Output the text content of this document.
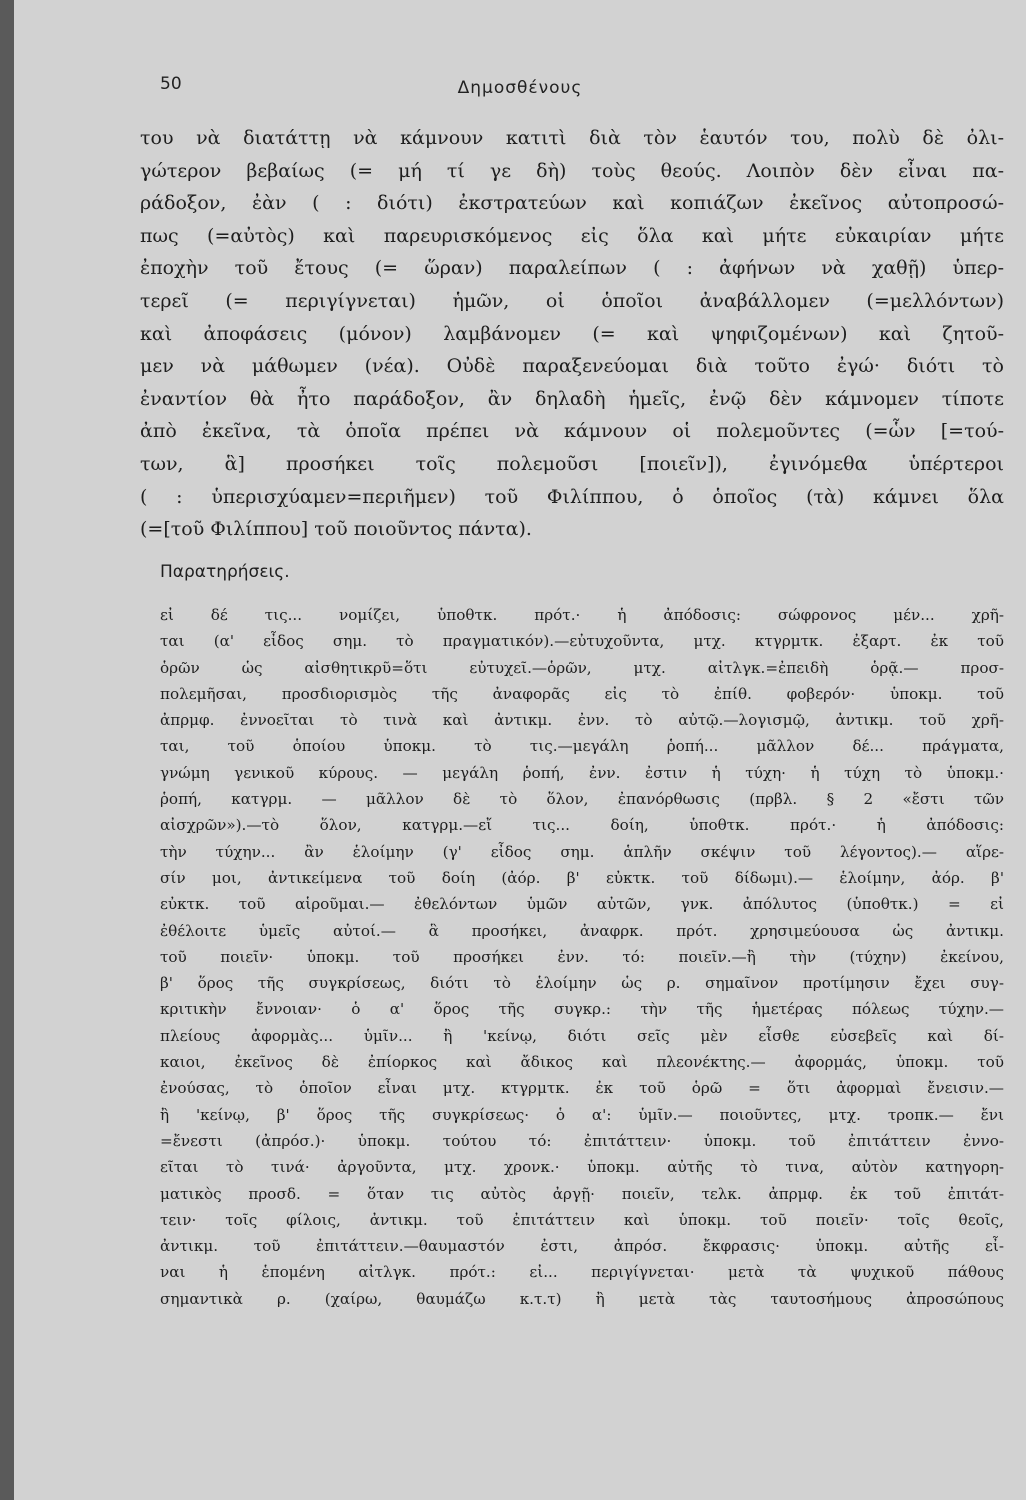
50	Δημοσθένους
του νὰ διατάττῃ νὰ κάμνουν κατιτὶ διὰ τὸν ἑαυτόν του, πολὺ δὲ ὀλι-
γώτερον βεβαίως (= μή τί γε δὴ) τοὺς θεούς. Λοιπὸν δὲν εἶναι πα-
ράδοξον, ἐὰν ( : διότι) ἐκστρατεύων καὶ κοπιάζων ἐκεῖνος αὐτοπροσώ-
πως (=αὐτὸς) καὶ παρευρισκόμενος εἰς ὅλα καὶ μήτε εὐκαιρίαν μήτε
ἐποχὴν τοῦ ἔτους (= ὥραν) παραλείπων ( : ἀφήνων νὰ χαθῇ) ὑπερ-
τερεῖ (= περιγίγνεται) ἡμῶν, οἱ ὁποῖοι ἀναβάλλομεν (=μελλόντων)
καὶ ἀποφάσεις (μόνον) λαμβάνομεν (= καὶ ψηφιζομένων) καὶ ζητοῦ-
μεν νὰ μάθωμεν (νέα). Οὐδὲ παραξενεύομαι διὰ τοῦτο ἐγώ· διότι τὸ
ἐναντίον θὰ ἦτο παράδοξον, ἂν δηλαδὴ ἡμεῖς, ἐνῷ δὲν κάμνομεν τίποτε
ἀπὸ ἐκεῖνα, τὰ ὁποῖα πρέπει νὰ κάμνουν οἱ πολεμοῦντες (=ὧν [=τού-
των, ἃ] προσήκει τοῖς πολεμοῦσι [ποιεῖν]), ἐγινόμεθα ὑπέρτεροι
( : ὑπερισχύαμεν=περιῆμεν) τοῦ Φιλίππου, ὁ ὁποῖος (τὰ) κάμνει ὅλα
(=[τοῦ Φιλίππου] τοῦ ποιοῦντος πάντα).
Παρατηρήσεις.
εἰ δέ τις... νομίζει, ὑποθτκ. πρότ.· ἡ ἀπόδοσις: σώφρονος μέν... χρῆ-
ται (α' εἶδος σημ. τὸ πραγματικόν).—εὐτυχοῦντα, μτχ. κτγρμτκ. ἐξαρτ. ἐκ τοῦ
ὁρῶν ὡς αἰσθητικρῦ=ὅτι εὐτυχεῖ.—ὁρῶν, μτχ. αἰτλγκ.=ἐπειδὴ ὁρᾷ.— προσ-
πολεμῆσαι, προσδιορισμὸς τῆς ἀναφορᾶς εἰς τὸ ἐπίθ. φοβερόν· ὑποκμ. τοῦ
ἀπρμφ. ἐννοεῖται τὸ τινὰ καὶ ἀντικμ. ἐνν. τὸ αὐτῷ.—λογισμῷ, ἀντικμ. τοῦ χρῆ-
ται, τοῦ ὁποίου ὑποκμ. τὸ τις.—μεγάλη ῥοπή... μᾶλλον δέ... πράγματα,
γνώμη γενικοῦ κύρους. — μεγάλη ῥοπή, ἐνν. ἐστιν ἡ τύχη· ἡ τύχη τὸ ὑποκμ.·
ῥοπή, κατγρμ. — μᾶλλον δὲ τὸ ὅλον, ἐπανόρθωσις (πρβλ. § 2 «ἔστι τῶν
αἰσχρῶν»).—τὸ ὅλον, κατγρμ.—εἴ τις... δοίη, ὑποθτκ. πρότ.· ἡ ἀπόδοσις:
τὴν τύχην... ἂν ἑλοίμην (γ' εἶδος σημ. ἁπλῆν σκέψιν τοῦ λέγοντος).— αἵρε-
σίν μοι, ἀντικείμενα τοῦ δοίη (ἀόρ. β' εὐκτκ. τοῦ δίδωμι).— ἑλοίμην, ἀόρ. β'
εὐκτκ. τοῦ αἱροῦμαι.— ἐθελόντων ὑμῶν αὐτῶν, γνκ. ἀπόλυτος (ὑποθτκ.) = εἰ
ἐθέλοιτε ὑμεῖς αὐτοί.— ἃ προσήκει, ἀναφρκ. πρότ. χρησιμεύουσα ὡς ἀντικμ.
τοῦ ποιεῖν· ὑποκμ. τοῦ προσήκει ἐνν. τό: ποιεῖν.—ἢ τὴν (τύχην) ἐκείνου,
β' ὅρος τῆς συγκρίσεως, διότι τὸ ἑλοίμην ὡς ρ. σημαῖνον προτίμησιν ἔχει συγ-
κριτικὴν ἔννοιαν· ὁ α' ὅρος τῆς συγκρ.: τὴν τῆς ἡμετέρας πόλεως τύχην.—
πλείους ἀφορμὰς... ὑμῖν... ἢ 'κείνῳ, διότι σεῖς μὲν εἶσθε εὐσεβεῖς καὶ δί-
καιοι, ἐκεῖνος δὲ ἐπίορκος καὶ ἄδικος καὶ πλεονέκτης.— ἀφορμάς, ὑποκμ. τοῦ
ἐνούσας, τὸ ὁποῖον εἶναι μτχ. κτγρμτκ. ἐκ τοῦ ὁρῶ = ὅτι ἀφορμαὶ ἔνεισιν.—
ἢ 'κείνῳ, β' ὅρος τῆς συγκρίσεως· ὁ α': ὑμῖν.— ποιοῦντες, μτχ. τροπκ.— ἔνι
=ἔνεστι (ἀπρόσ.)· ὑποκμ. τούτου τό: ἐπιτάττειν· ὑποκμ. τοῦ ἐπιτάττειν ἐννο-
εῖται τὸ τινά· ἀργοῦντα, μτχ. χρονκ.· ὑποκμ. αὐτῆς τὸ τινα, αὐτὸν κατηγορη-
ματικὸς προσδ. = ὅταν τις αὐτὸς ἀργῇ· ποιεῖν, τελκ. ἀπρμφ. ἐκ τοῦ ἐπιτάτ-
τειν· τοῖς φίλοις, ἀντικμ. τοῦ ἐπιτάττειν καὶ ὑποκμ. τοῦ ποιεῖν· τοῖς θεοῖς,
ἀντικμ. τοῦ ἐπιτάττειν.—θαυμαστόν ἐστι, ἀπρόσ. ἔκφρασις· ὑποκμ. αὐτῆς εἶ-
ναι ἡ ἑπομένη αἰτλγκ. πρότ.: εἰ... περιγίγνεται· μετὰ τὰ ψυχικοῦ πάθους
σημαντικὰ ρ. (χαίρω, θαυμάζω κ.τ.τ) ἢ μετὰ τὰς ταυτοσήμους ἀπροσώπους
